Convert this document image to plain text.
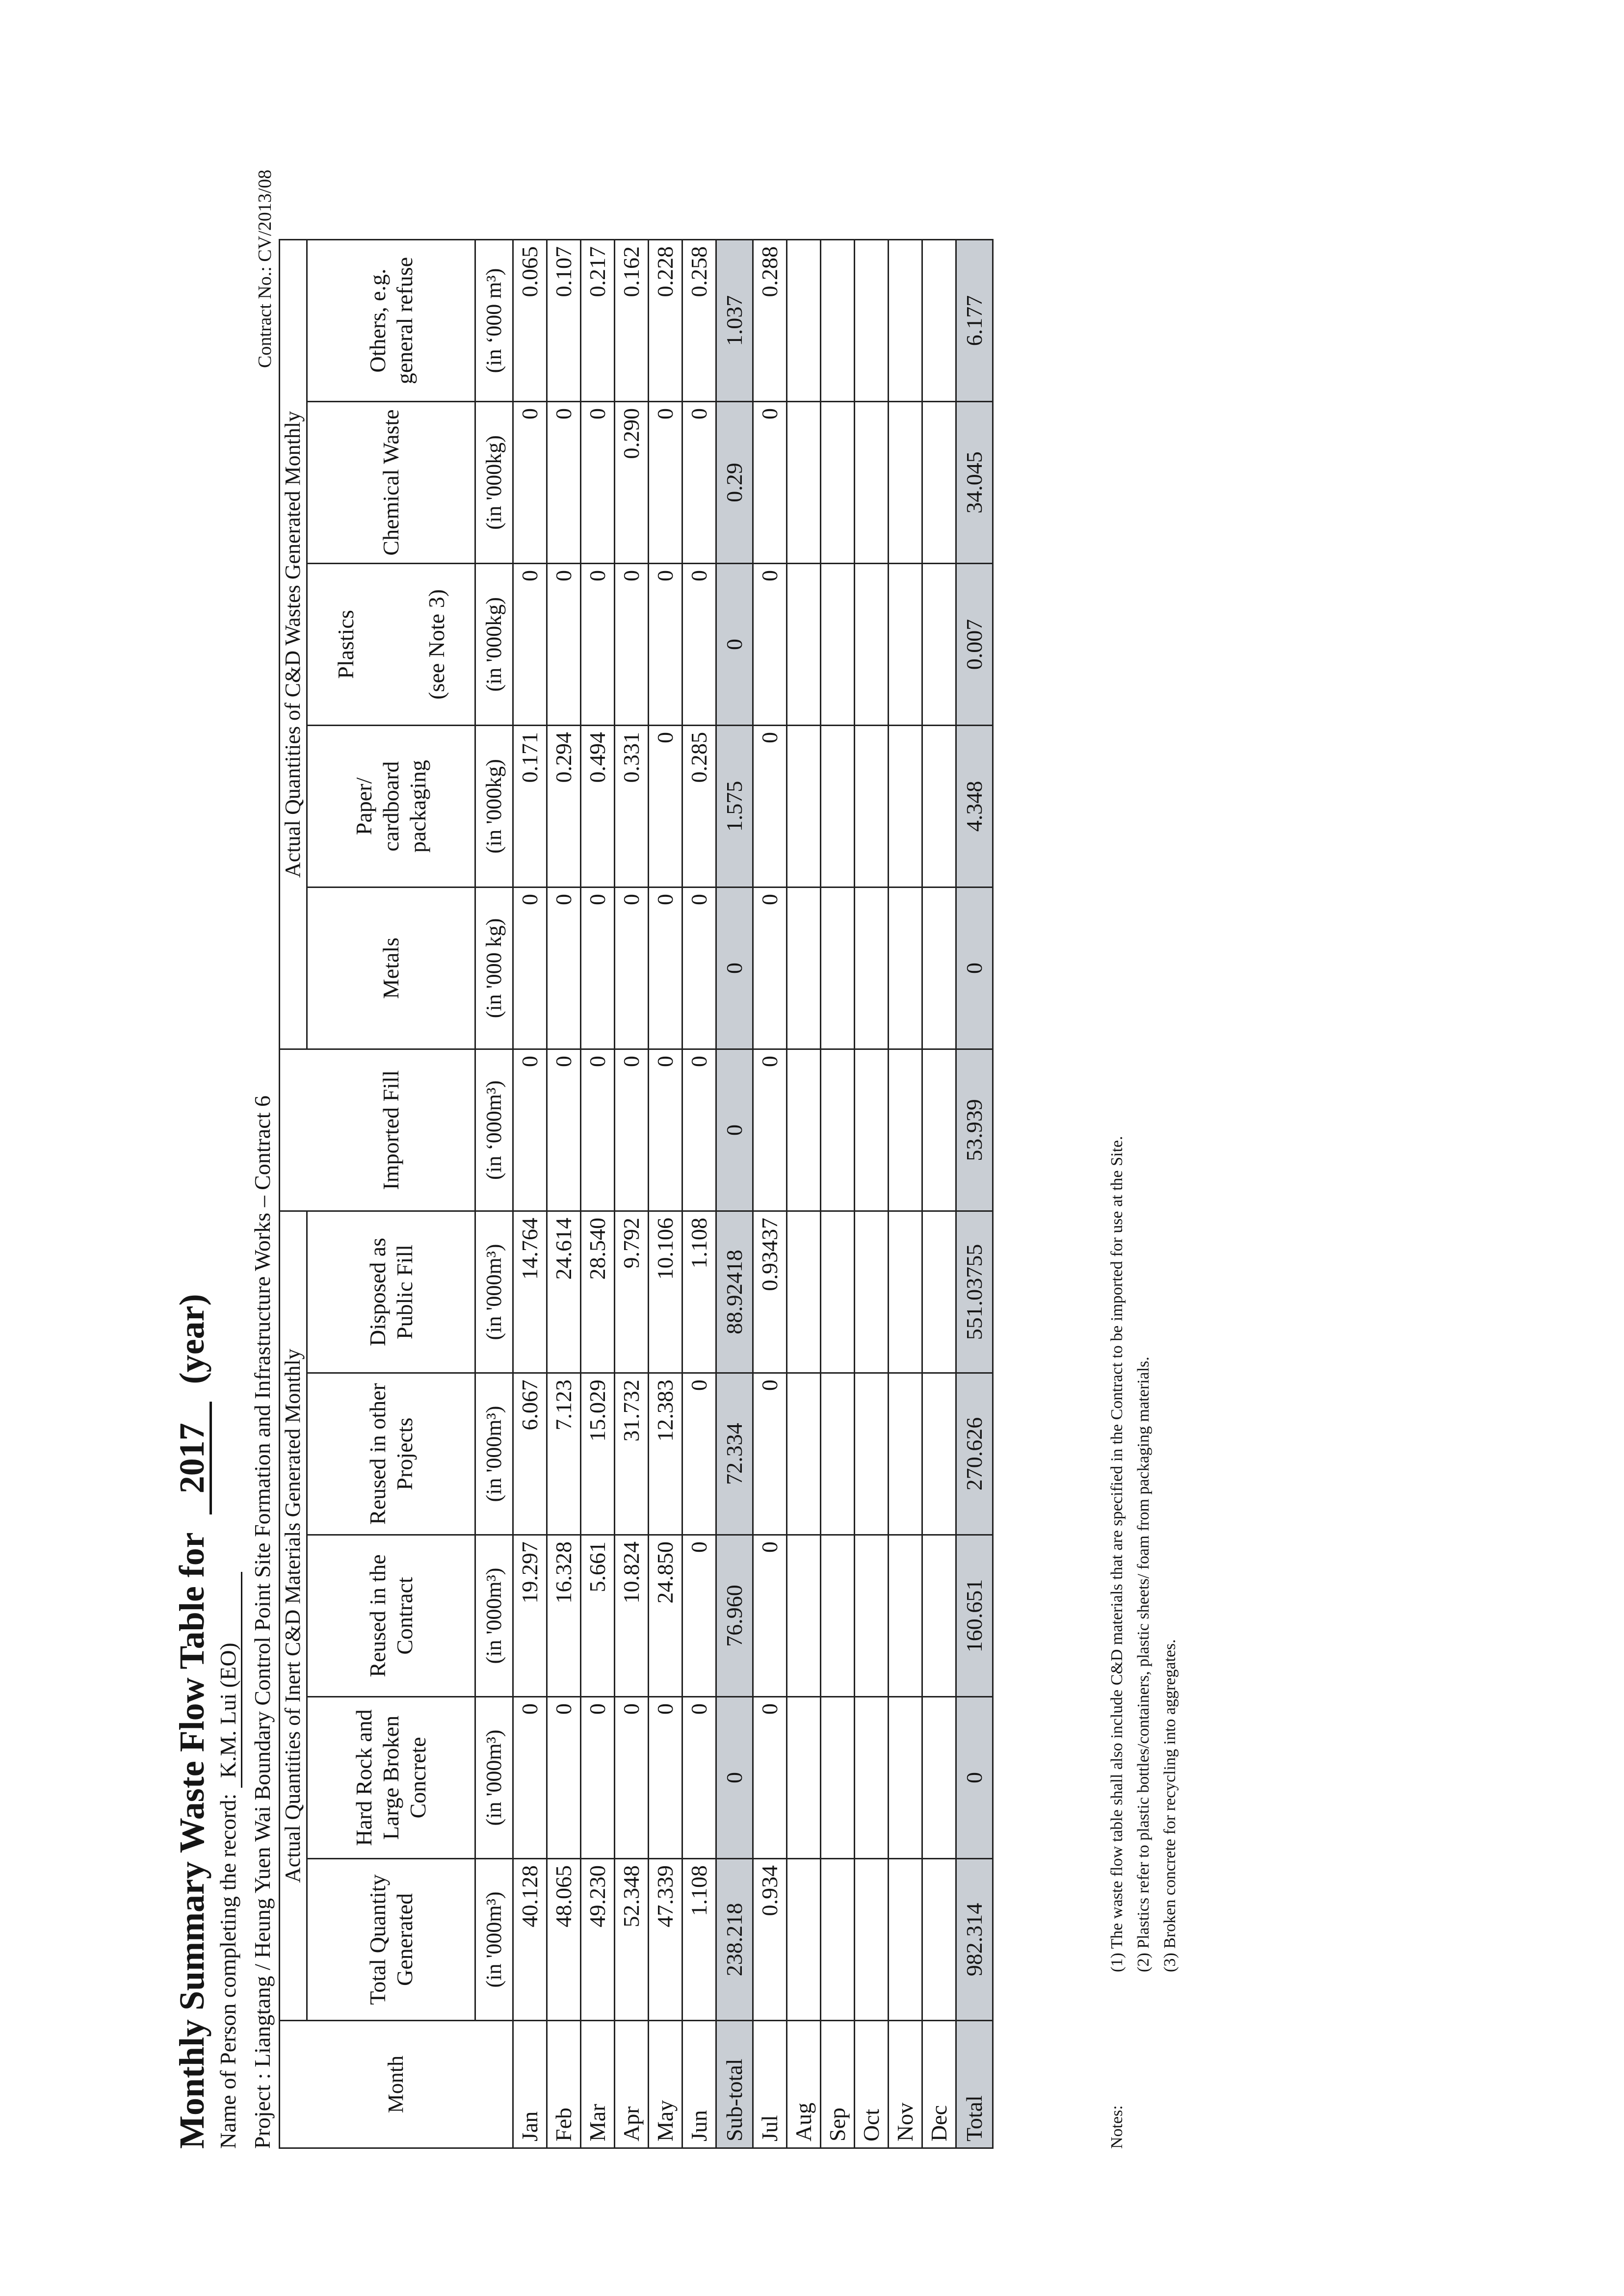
Monthly Summary Waste Flow Table for  2017  (year)
Name of Person completing the record: K.M. Lui (EO) Project : Liangtang / Heung Yuen Wai Boundary Control Point Site Formation and Infrastructure Works – Contract 6
Contract No.: CV/2013/08
Month	Actual Quantities of Inert C&D Materials Generated Monthly						Actual Quantities of C&D Wastes Generated Monthly				
	Total Quantity Generated	Hard Rock and Large Broken Concrete	Reused in the Contract	Reused in other Projects	Disposed as Public Fill	Imported Fill	Metals	Paper/ cardboard packaging	Plastics (see Note 3)	Chemical Waste	Others, e.g. general refuse
	(in '000m³)	(in '000m³)	(in '000m³)	(in '000m³)	(in '000m³)	(in ‘000m³)	(in '000 kg)	(in '000kg)	(in '000kg)	(in '000kg)	(in ‘000 m³)
Jan	40.128	0	19.297	6.067	14.764	0	0	0.171	0	0	0.065
Feb	48.065	0	16.328	7.123	24.614	0	0	0.294	0	0	0.107
Mar	49.230	0	5.661	15.029	28.540	0	0	0.494	0	0	0.217
Apr	52.348	0	10.824	31.732	9.792	0	0	0.331	0	0.290	0.162
May	47.339	0	24.850	12.383	10.106	0	0	0	0	0	0.228
Jun	1.108	0	0	0	1.108	0	0	0.285	0	0	0.258
Sub-total	238.218	0	76.960	72.334	88.92418	0	0	1.575	0	0.29	1.037
Jul	0.934	0	0	0	0.93437	0	0	0	0	0	0.288
Aug											
Sep											
Oct											
Nov											
Dec											
Total	982.314	0	160.651	270.626	551.03755	53.939	0	4.348	0.007	34.045	6.177
Notes:
(1) The waste flow table shall also include C&D materials that are specified in the Contract to be imported for use at the Site. (2) Plastics refer to plastic bottles/containers, plastic sheets/ foam from packaging materials. (3) Broken concrete for recycling into aggregates.
